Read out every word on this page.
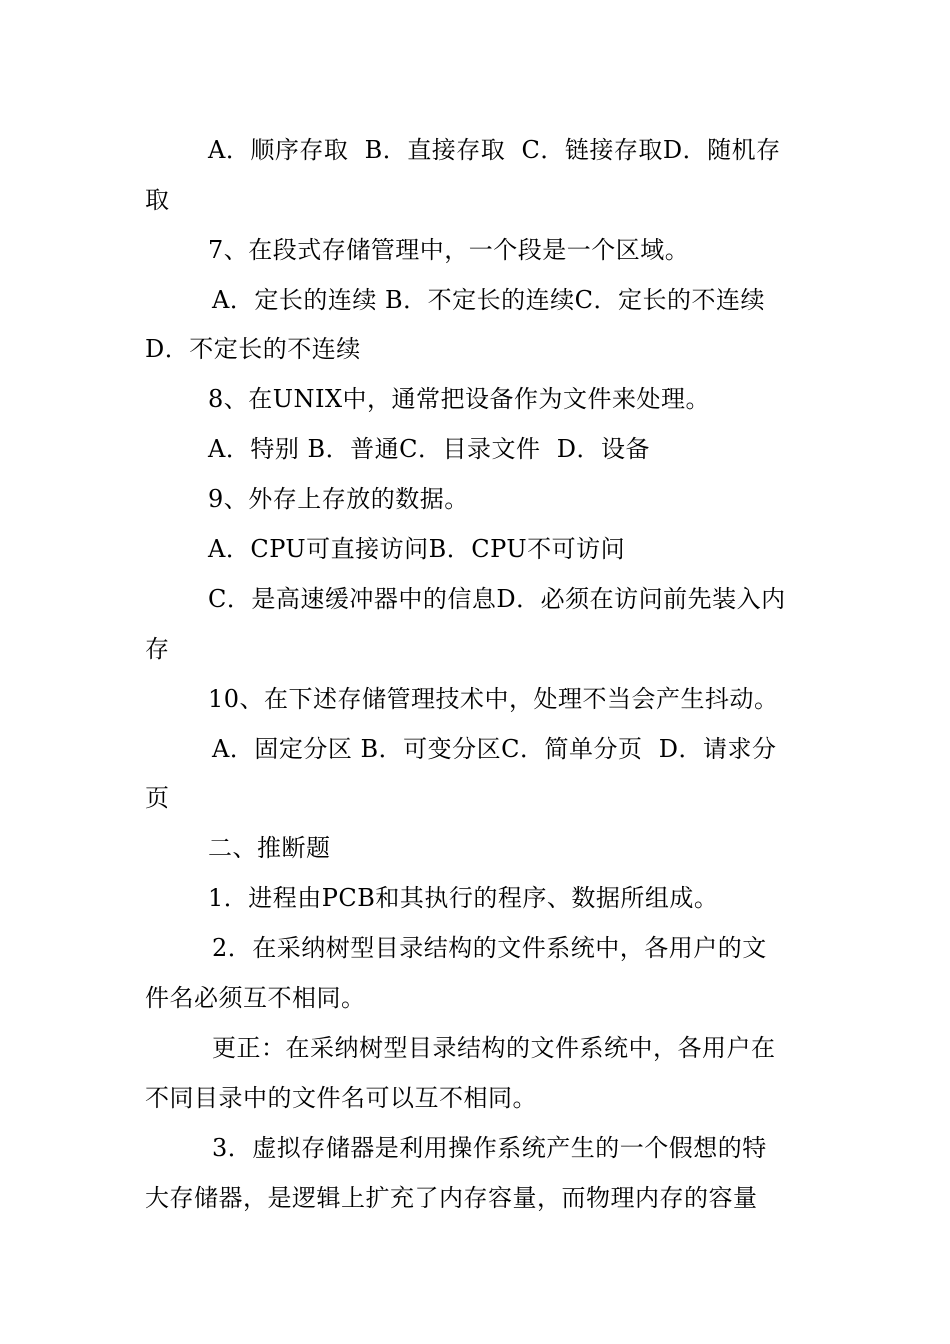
A．顺序存取  B．直接存取  C．链接存取D．随机存
取
7、在段式存储管理中，一个段是一个区域。
A．定长的连续 B．不定长的连续C．定长的不连续
D．不定长的不连续
8、在UNIX中，通常把设备作为文件来处理。
A．特别 B．普通C．目录文件  D．设备
9、外存上存放的数据。
A．CPU可直接访问B．CPU不可访问
C．是高速缓冲器中的信息D．必须在访问前先装入内
存
10、在下述存储管理技术中，处理不当会产生抖动。
A．固定分区 B．可变分区C．简单分页  D．请求分
页
二、推断题
1．进程由PCB和其执行的程序、数据所组成。
2．在采纳树型目录结构的文件系统中，各用户的文
件名必须互不相同。
更正：在采纳树型目录结构的文件系统中，各用户在
不同目录中的文件名可以互不相同。
3．虚拟存储器是利用操作系统产生的一个假想的特
大存储器，是逻辑上扩充了内存容量，而物理内存的容量
